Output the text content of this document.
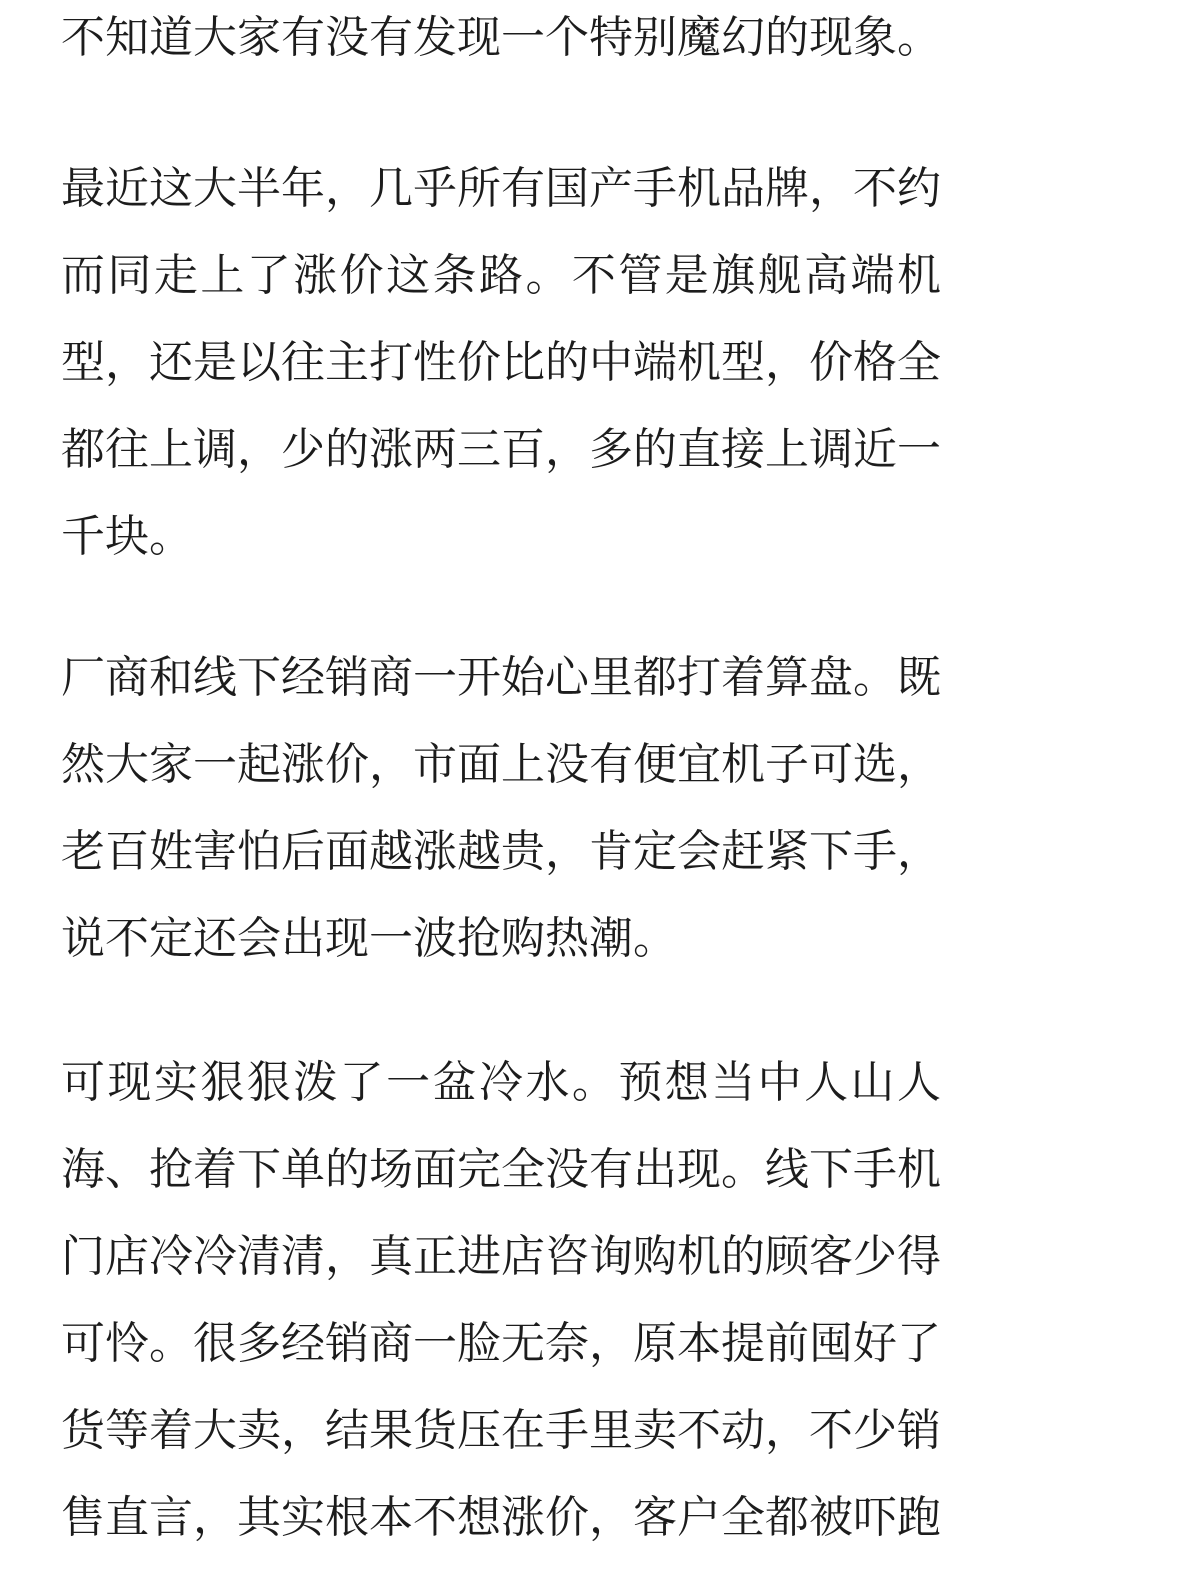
不知道大家有没有发现一个特别魔幻的现象。
最近这大半年，几乎所有国产手机品牌，不约
而同走上了涨价这条路。不管是旗舰高端机
型，还是以往主打性价比的中端机型，价格全
都往上调，少的涨两三百，多的直接上调近一
千块。
厂商和线下经销商一开始心里都打着算盘。既
然大家一起涨价，市面上没有便宜机子可选，
老百姓害怕后面越涨越贵，肯定会赶紧下手，
说不定还会出现一波抢购热潮。
可现实狠狠泼了一盆冷水。预想当中人山人
海、抢着下单的场面完全没有出现。线下手机
门店冷冷清清，真正进店咨询购机的顾客少得
可怜。很多经销商一脸无奈，原本提前囤好了
货等着大卖，结果货压在手里卖不动，不少销
售直言，其实根本不想涨价，客户全都被吓跑
